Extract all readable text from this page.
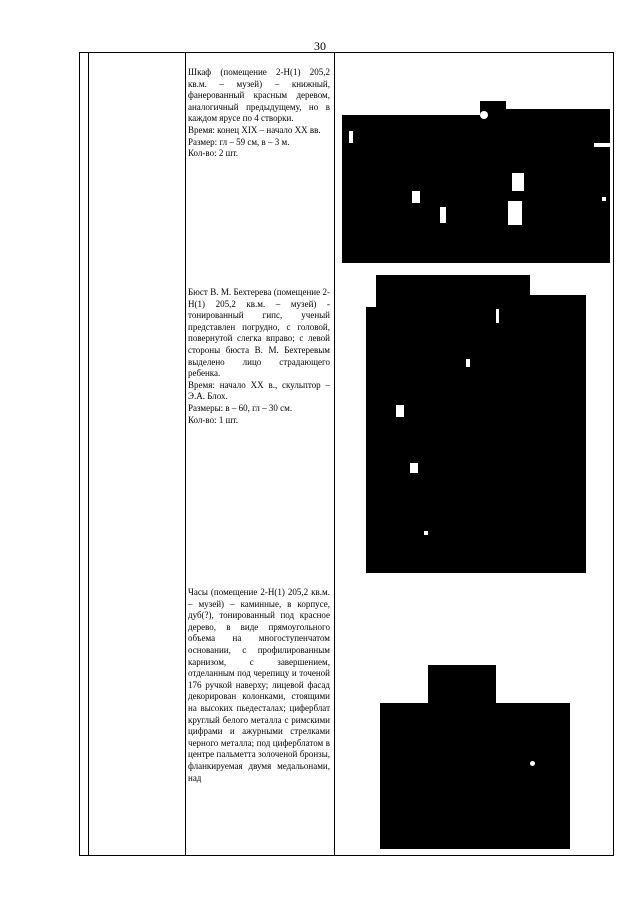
30

Шкаф (помещение 2-Н(1) 205,2 кв.м. – музей) – книжный, фанерованный красным деревом, аналогичный предыдущему, но в каждом ярусе по 4 створки.

Время: конец XIX – начало XX вв.

Размер: гл – 59 см, в – 3 м.

Кол-во: 2 шт.

Бюст В. М. Бехтерева (помещение 2-Н(1) 205,2 кв.м. – музей) - тонированный гипс, ученый представлен погрудно, с головой, повернутой слегка вправо; с левой стороны бюста В. М. Бехтеревым выделено лицо страдающего ребенка.

Время: начало XX в., скульптор – Э.А. Блох.

Размеры: в – 60, гл – 30 см.

Кол-во: 1 шт.

Часы (помещение 2-Н(1) 205,2 кв.м. – музей) – каминные, в корпусе, дуб(?), тонированный под красное дерево, в виде прямоугольного объема на многоступенчатом основании, с профилированным карнизом, с завершением, отделанным под черепицу и точеной 176 ручкой наверху; лицевой фасад декорирован колонками, стоящими на высоких пьедесталах; циферблат круглый белого металла с римскими цифрами и ажурными стрелками черного металла; под циферблатом в центре пальметта золоченой бронзы, фланкируемая двумя медальонами, над
